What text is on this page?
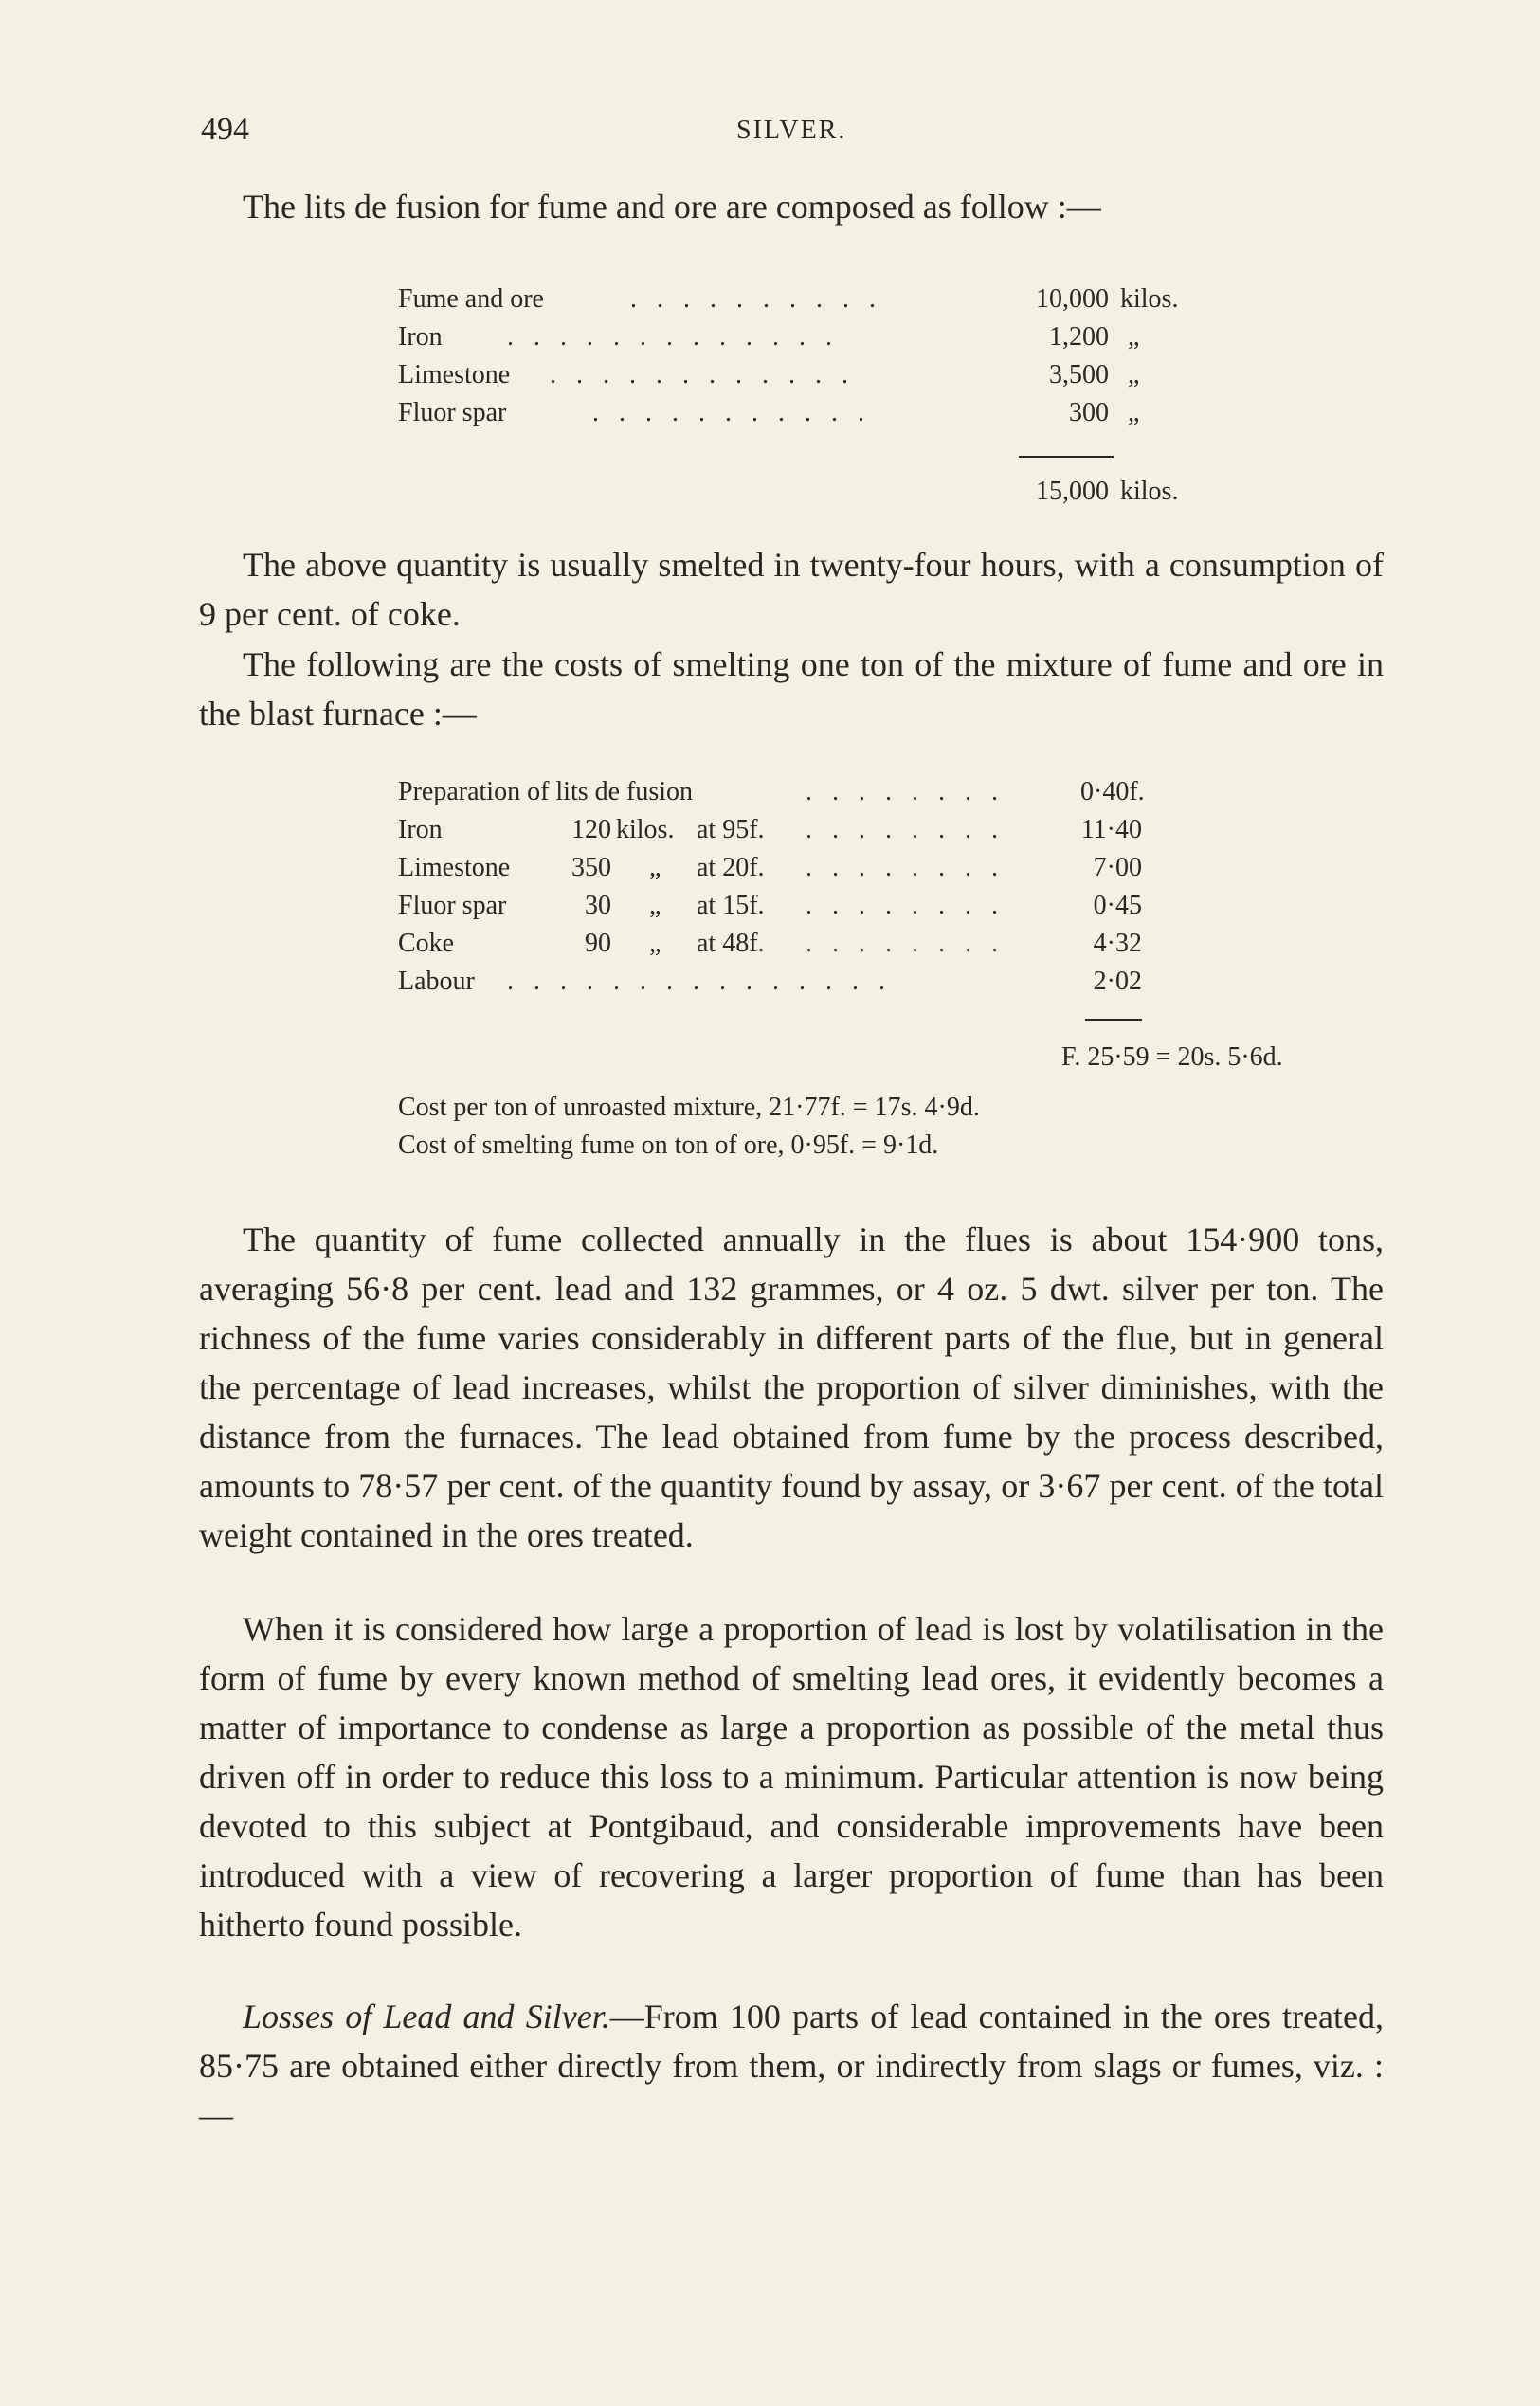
494	SILVER.

The lits de fusion for fume and ore are composed as follow :—

Fume and ore	. . . . . . . . . .	10,000 kilos.
Iron . . . . . . . . . . . . .	1,200 „
Limestone . . . . . . . . . . . .	3,500 „
Fluor spar	. . . . . . . . . . .	300 „
15,000 kilos.

The above quantity is usually smelted in twenty-four hours, with a consumption of 9 per cent. of coke.

The following are the costs of smelting one ton of the mixture of fume and ore in the blast furnace :—

Preparation of lits de fusion	. . . . . . . .	0·40f.
Iron	120 kilos. at 95f. . . . . . . . .	11·40
Limestone	350 „ at 20f. . . . . . . . .	7·00
Fluor spar	30 „ at 15f. . . . . . . . .	0·45
Coke	90 „ at 48f. . . . . . . . .	4·32
Labour . . . . . . . . . . . . . . .	2·02
F. 25·59 = 20s. 5·6d.
Cost per ton of unroasted mixture, 21·77f. = 17s. 4·9d.
Cost of smelting fume on ton of ore, 0·95f. = 9·1d.

The quantity of fume collected annually in the flues is about 154·900 tons, averaging 56·8 per cent. lead and 132 grammes, or 4 oz. 5 dwt. silver per ton. The richness of the fume varies considerably in different parts of the flue, but in general the percentage of lead increases, whilst the proportion of silver diminishes, with the distance from the furnaces. The lead obtained from fume by the process described, amounts to 78·57 per cent. of the quantity found by assay, or 3·67 per cent. of the total weight contained in the ores treated.

When it is considered how large a proportion of lead is lost by volatilisation in the form of fume by every known method of smelting lead ores, it evidently becomes a matter of importance to condense as large a proportion as possible of the metal thus driven off in order to reduce this loss to a minimum. Particular attention is now being devoted to this subject at Pontgibaud, and considerable improvements have been introduced with a view of recovering a larger proportion of fume than has been hitherto found possible.

Losses of Lead and Silver.—From 100 parts of lead contained in the ores treated, 85·75 are obtained either directly from them, or indirectly from slags or fumes, viz. :—
